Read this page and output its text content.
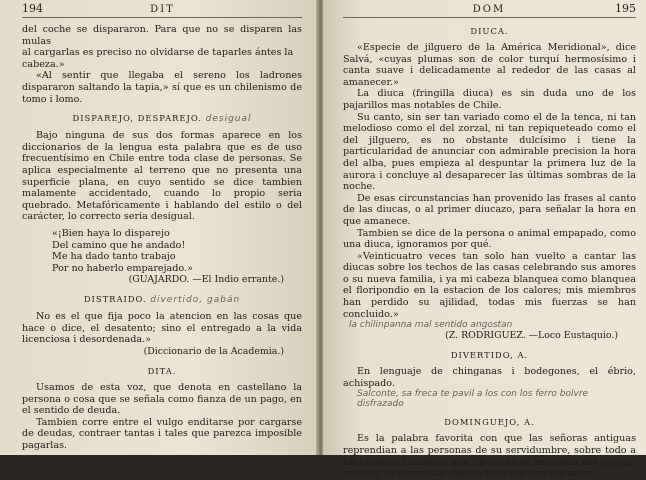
194	DIT

del coche se dispararon. Para que no se disparen las mulas

al cargarlas es preciso no olvidarse de taparles ántes la

cabeza.»

«Al sentir que llegaba el sereno los ladrones dispararon saltando la tapia,» sí que es un chilenismo de tomo i lomo.

DISPAREJO, DESPAREJO. desigual

Bajo ninguna de sus dos formas aparece en los diccionarios de la lengua esta palabra que es de uso frecuentísimo en Chile entre toda clase de personas. Se aplica especialmente al terreno que no presenta una superficie plana, en cuyo sentido se dice tambien malamente accidentado, cuando lo propio seria quebrado. Metafóricamente i hablando del estilo o del carácter, lo correcto seria desigual.

«¡Bien haya lo disparejo
Del camino que he andado!
Me ha dado tanto trabajo
Por no haberlo emparejado.»
(GUAJARDO. —El Indio errante.)
DISTRAIDO. divertido, gabán

No es el que fija poco la atencion en las cosas que hace o dice, el desatento; sino el entregado a la vida licenciosa i desordenada.»

(Diccionario de la Academia.)
DITA.

Usamos de esta voz, que denota en castellano la persona o cosa que se señala como fianza de un pago, en el sentido de deuda.

Tambien corre entre el vulgo enditarse por cargarse de deudas, contraer tantas i tales que parezca imposible pagarlas.

DOM	195
DIUCA.

«Especie de jilguero de la América Meridional», dice Salvá, «cuyas plumas son de color turquí hermosísimo i canta suave i delicadamente al rededor de las casas al amanecer.»

La diuca (fringilla diuca) es sin duda uno de los pajarillos mas notables de Chile.

Su canto, sin ser tan variado como el de la tenca, ni tan melodioso como el del zorzal, ni tan repiqueteado como el del jilguero, es no obstante dulcísimo i tiene la particularidad de anunciar con admirable precision la hora del alba, pues empieza al despuntar la primera luz de la aurora i concluye al desaparecer las últimas sombras de la noche.

De esas circunstancias han provenido las frases al canto de las diucas, o al primer diucazo, para señalar la hora en que amanece.

Tambien se dice de la persona o animal empapado, como una diuca, ignoramos por qué.

«Veinticuatro veces tan solo han vuelto a cantar las diucas sobre los techos de las casas celebrando sus amores o su nueva familia, i ya mi cabeza blanquea como blanquea el floripondio en la estacion de los calores; mis miembros han perdido su ajilidad, todas mis fuerzas se han concluido.»

la chilinpanna mal sentido angostan
(Z. RODRIGUEZ. —Loco Eustaquio.)
DIVERTIDO, A.

En lenguaje de chinganas i bodegones, el ébrio, achispado.

Salconte, sa freca te pavil a los con los ferro bolvre disfrazado
DOMINGUEJO, A.

Es la palabra favorita con que las señoras antiguas reprendian a las personas de su servidumbre, sobre todo a los chinitos i chinitas que, después de recojidas del zaguan criadas, se permitian alguna frescura con sus amos.
